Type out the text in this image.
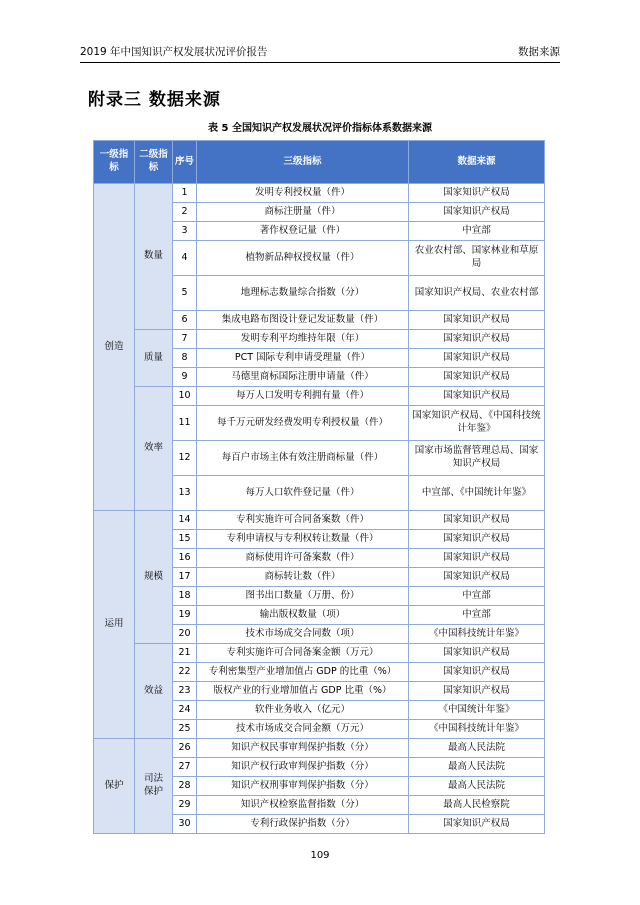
2019 年中国知识产权发展状况评价报告	数据来源
附录三 数据来源
表 5 全国知识产权发展状况评价指标体系数据来源
一级指标	二级指标	序号	三级指标	数据来源
创造	数量	1	发明专利授权量（件）	国家知识产权局
		2	商标注册量（件）	国家知识产权局
		3	著作权登记量（件）	中宣部
		4	植物新品种权授权量（件）	农业农村部、国家林业和草原局
		5	地理标志数量综合指数（分）	国家知识产权局、农业农村部
		6	集成电路布图设计登记发证数量（件）	国家知识产权局
	质量	7	发明专利平均维持年限（年）	国家知识产权局
		8	PCT 国际专利申请受理量（件）	国家知识产权局
		9	马德里商标国际注册申请量（件）	国家知识产权局
	效率	10	每万人口发明专利拥有量（件）	国家知识产权局
		11	每千万元研发经费发明专利授权量（件）	国家知识产权局、《中国科技统计年鉴》
		12	每百户市场主体有效注册商标量（件）	国家市场监督管理总局、国家知识产权局
		13	每万人口软件登记量（件）	中宣部、《中国统计年鉴》
运用	规模	14	专利实施许可合同备案数（件）	国家知识产权局
		15	专利申请权与专利权转让数量（件）	国家知识产权局
		16	商标使用许可备案数（件）	国家知识产权局
		17	商标转让数（件）	国家知识产权局
		18	图书出口数量（万册、份）	中宣部
		19	输出版权数量（项）	中宣部
		20	技术市场成交合同数（项）	《中国科技统计年鉴》
	效益	21	专利实施许可合同备案金额（万元）	国家知识产权局
		22	专利密集型产业增加值占 GDP 的比重（%）	国家知识产权局
		23	版权产业的行业增加值占 GDP 比重（%）	国家知识产权局
		24	软件业务收入（亿元）	《中国统计年鉴》
		25	技术市场成交合同金额（万元）	《中国科技统计年鉴》
保护	司法保护	26	知识产权民事审判保护指数（分）	最高人民法院
		27	知识产权行政审判保护指数（分）	最高人民法院
		28	知识产权刑事审判保护指数（分）	最高人民法院
		29	知识产权检察监督指数（分）	最高人民检察院
		30	专利行政保护指数（分）	国家知识产权局
109
